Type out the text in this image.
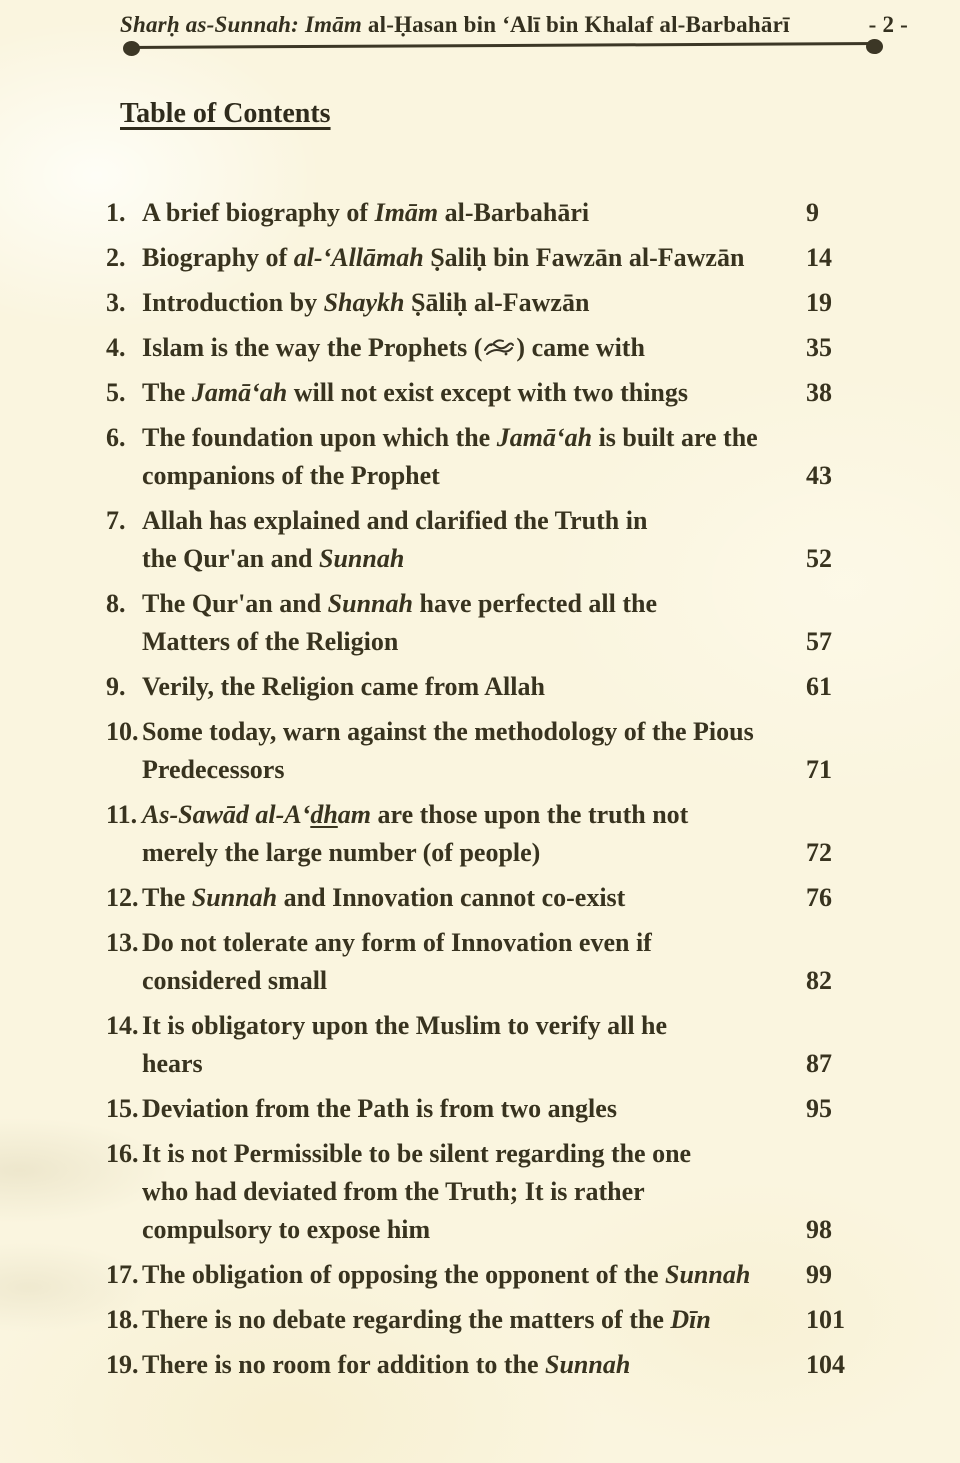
Sharḥ as-Sunnah: Imām al-Ḥasan bin ‘Alī bin Khalaf al-Barbahārī	- 2 -
Table of Contents
1. A brief biography of Imām al-Barbahāri	9
2. Biography of al-‘Allāmah Ṣaliḥ bin Fawzān al-Fawzān	14
3. Introduction by Shaykh Ṣāliḥ al-Fawzān	19
4. Islam is the way the Prophets ( ) came with	35
5. The Jamā‘ah will not exist except with two things	38
6. The foundation upon which the Jamā‘ah is built are the
companions of the Prophet	43
7. Allah has explained and clarified the Truth in
the Qur'an and Sunnah	52
8. The Qur'an and Sunnah have perfected all the
Matters of the Religion	57
9. Verily, the Religion came from Allah	61
10. Some today, warn against the methodology of the Pious
Predecessors	71
11. As-Sawād al-A‘dham are those upon the truth not
merely the large number (of people)	72
12. The Sunnah and Innovation cannot co-exist	76
13. Do not tolerate any form of Innovation even if
considered small	82
14. It is obligatory upon the Muslim to verify all he
hears	87
15. Deviation from the Path is from two angles	95
16. It is not Permissible to be silent regarding the one
who had deviated from the Truth; It is rather
compulsory to expose him	98
17. The obligation of opposing the opponent of the Sunnah	99
18. There is no debate regarding the matters of the Dīn	101
19. There is no room for addition to the Sunnah	104
